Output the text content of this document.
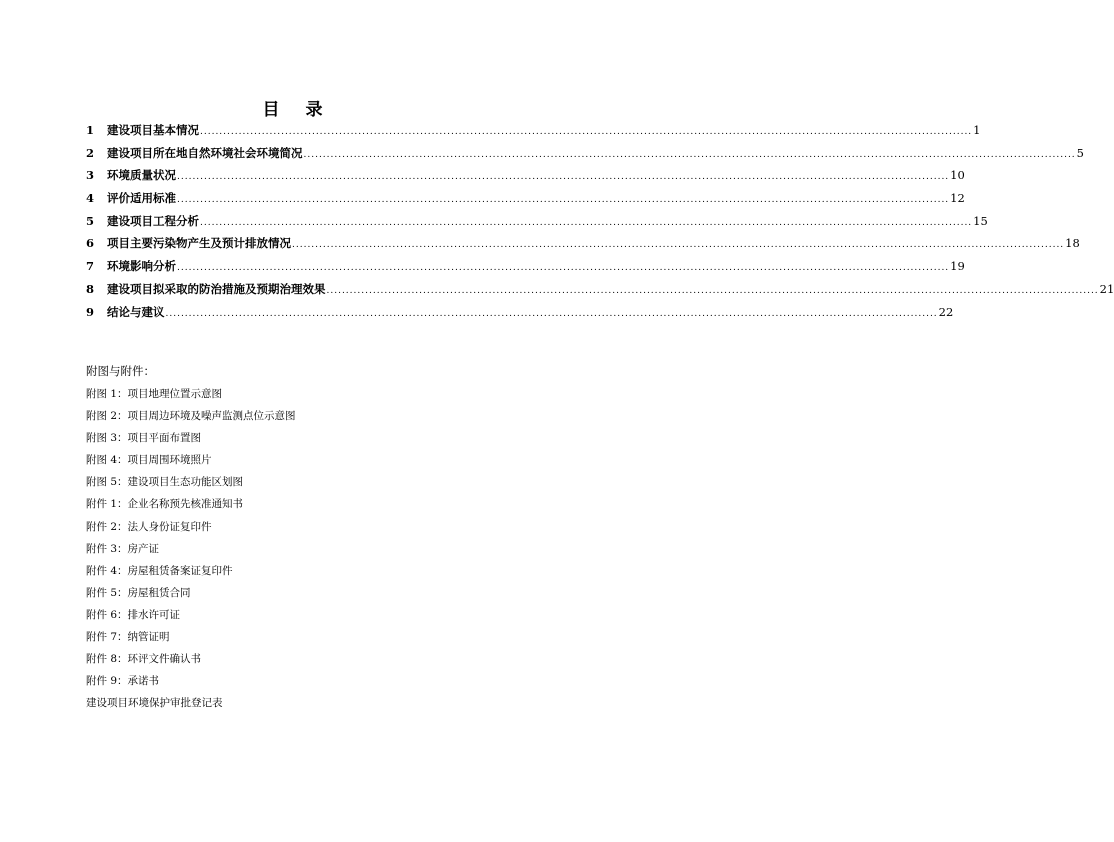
目 录
1	建设项目基本情况 ........................................................................................................................................................................................................ 1
2	建设项目所在地自然环境社会环境简况 ........................................................................................................................................................................................................ 5
3	环境质量状况 ........................................................................................................................................................................................................ 10
4	评价适用标准 ........................................................................................................................................................................................................ 12
5	建设项目工程分析 ........................................................................................................................................................................................................ 15
6	项目主要污染物产生及预计排放情况 ........................................................................................................................................................................................................ 18
7	环境影响分析 ........................................................................................................................................................................................................ 19
8	建设项目拟采取的防治措施及预期治理效果 ........................................................................................................................................................................................................ 21
9	结论与建议 ........................................................................................................................................................................................................ 22
附图与附件：
附图 1：项目地理位置示意图
附图 2：项目周边环境及噪声监测点位示意图
附图 3：项目平面布置图
附图 4：项目周围环境照片
附图 5：建设项目生态功能区划图
附件 1：企业名称预先核准通知书
附件 2：法人身份证复印件
附件 3：房产证
附件 4：房屋租赁备案证复印件
附件 5：房屋租赁合同
附件 6：排水许可证
附件 7：纳管证明
附件 8：环评文件确认书
附件 9：承诺书
建设项目环境保护审批登记表
